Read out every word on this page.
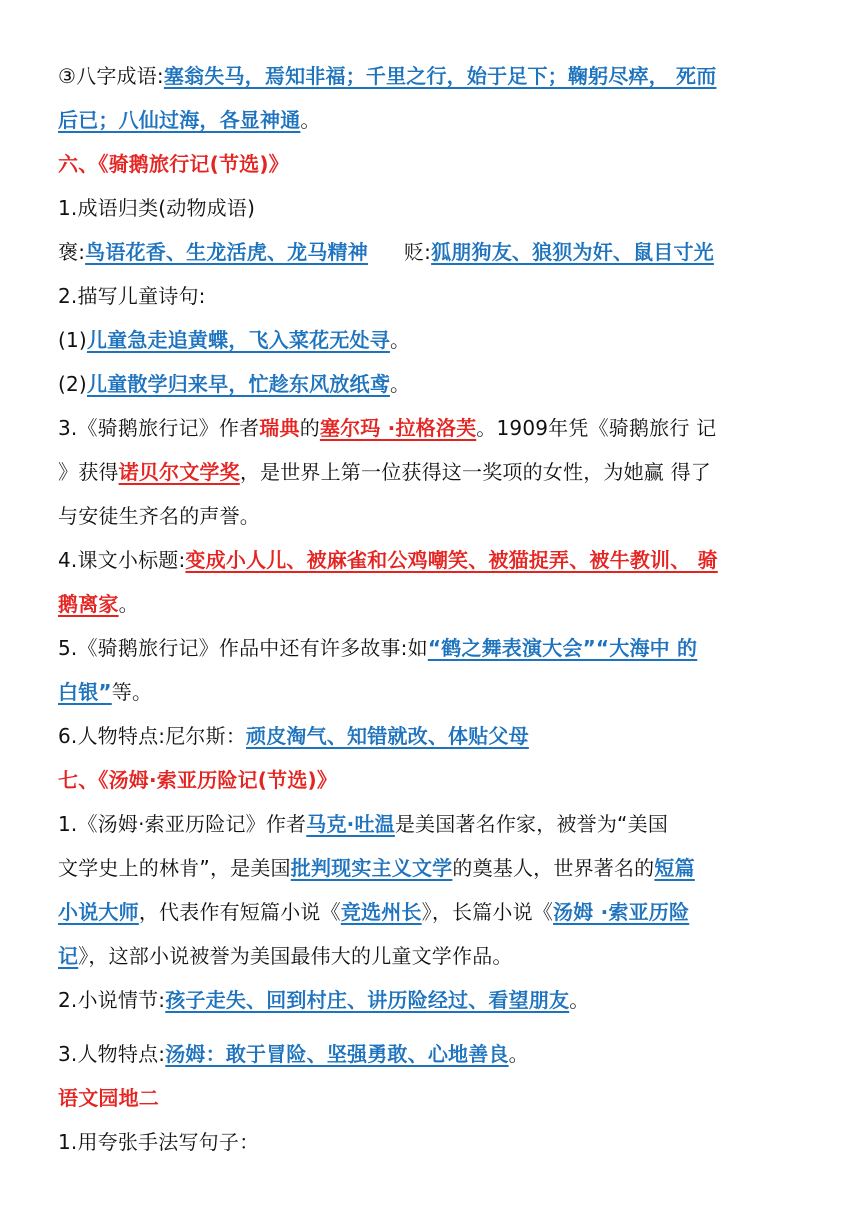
③八字成语:塞翁失马，焉知非福；千里之行，始于足下；鞠躬尽瘁， 死而
后已；八仙过海，各显神通。
六、《骑鹅旅行记(节选)》
1.成语归类(动物成语)
褒:鸟语花香、生龙活虎、龙马精神 贬:狐朋狗友、狼狈为奸、鼠目寸光
2.描写儿童诗句:
(1)儿童急走追黄蝶，飞入菜花无处寻。
(2)儿童散学归来早，忙趁东风放纸鸢。
3.《骑鹅旅行记》作者瑞典的塞尔玛 ·拉格洛芙。1909年凭《骑鹅旅行 记
》获得诺贝尔文学奖，是世界上第一位获得这一奖项的女性，为她赢 得了
与安徒生齐名的声誉。
4.课文小标题:变成小人儿、被麻雀和公鸡嘲笑、被猫捉弄、被牛教训、 骑
鹅离家。
5.《骑鹅旅行记》作品中还有许多故事:如“鹤之舞表演大会”“大海中 的
白银”等。
6.人物特点:尼尔斯：顽皮淘气、知错就改、体贴父母
七、《汤姆·索亚历险记(节选)》
1.《汤姆·索亚历险记》作者马克·吐温是美国著名作家，被誉为“美国
文学史上的林肯”，是美国批判现实主义文学的奠基人，世界著名的短篇
小说大师，代表作有短篇小说《竞选州长》，长篇小说《汤姆 ·索亚历险
记》，这部小说被誉为美国最伟大的儿童文学作品。
2.小说情节:孩子走失、回到村庄、讲历险经过、看望朋友。
3.人物特点:汤姆：敢于冒险、坚强勇敢、心地善良。
语文园地二
1.用夸张手法写句子：
